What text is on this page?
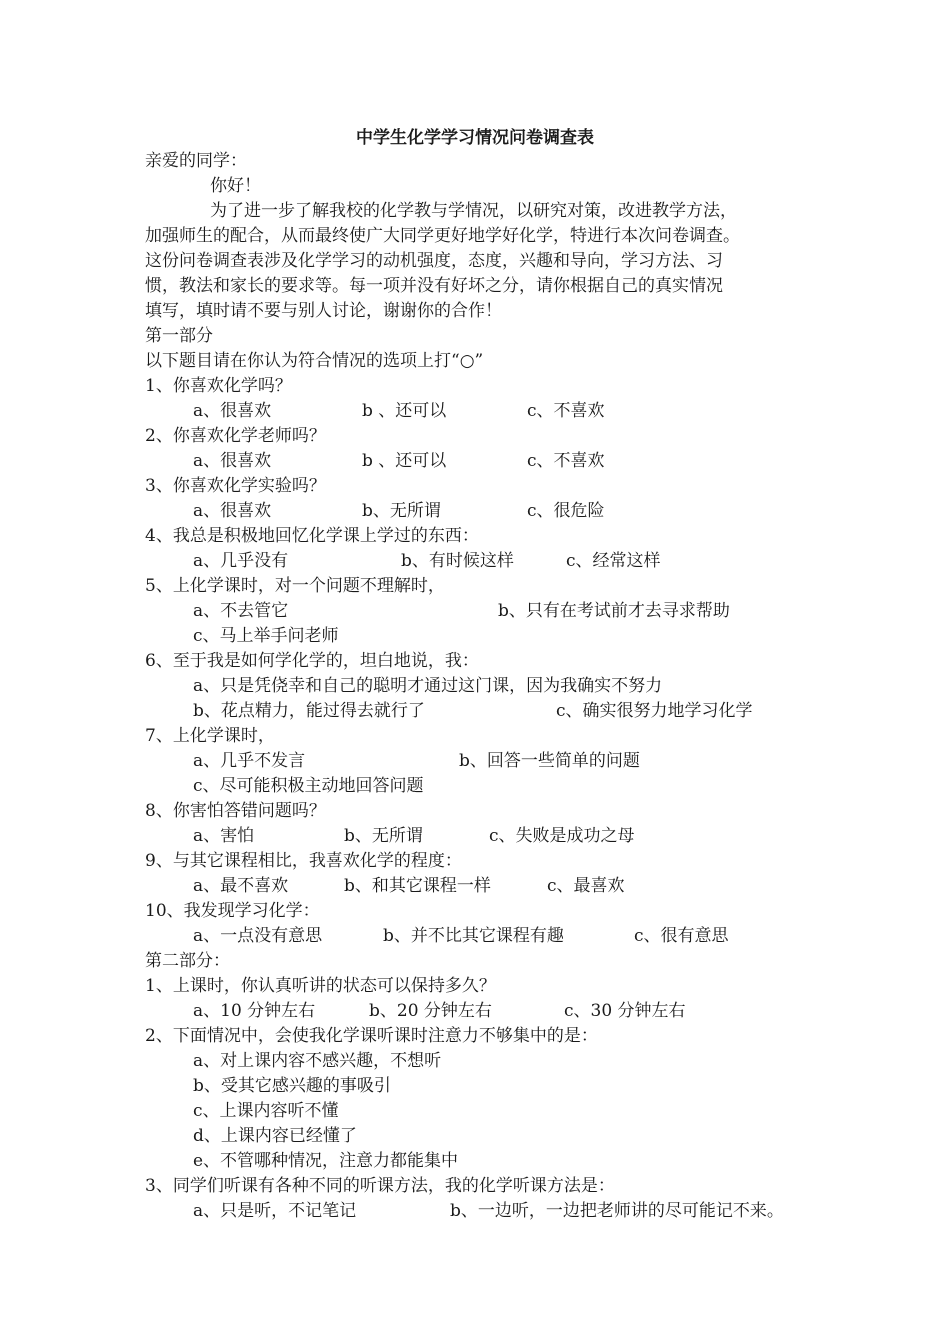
中学生化学学习情况问卷调查表
亲爱的同学：
你好！
为了进一步了解我校的化学教与学情况，以研究对策，改进教学方法，
加强师生的配合，从而最终使广大同学更好地学好化学，特进行本次问卷调查。
这份问卷调查表涉及化学学习的动机强度，态度，兴趣和导向，学习方法、习
惯，教法和家长的要求等。每一项并没有好坏之分，请你根据自己的真实情况
填写，填时请不要与别人讨论，谢谢你的合作！
第一部分
以下题目请在你认为符合情况的选项上打“○”
1、你喜欢化学吗？
a、很喜欢	b 、还可以	c、不喜欢
2、你喜欢化学老师吗？
a、很喜欢	b 、还可以	c、不喜欢
3、你喜欢化学实验吗？
a、很喜欢	b、无所谓	c、很危险
4、我总是积极地回忆化学课上学过的东西：
a、几乎没有	b、有时候这样	c、经常这样
5、上化学课时，对一个问题不理解时，
a、不去管它	b、只有在考试前才去寻求帮助
c、马上举手问老师
6、至于我是如何学化学的，坦白地说，我：
a、只是凭侥幸和自己的聪明才通过这门课，因为我确实不努力
b、花点精力，能过得去就行了	c、确实很努力地学习化学
7、上化学课时，
a、几乎不发言	b、回答一些简单的问题
c、尽可能积极主动地回答问题
8、你害怕答错问题吗？
a、害怕	b、无所谓	c、失败是成功之母
9、与其它课程相比，我喜欢化学的程度：
a、最不喜欢	b、和其它课程一样	c、最喜欢
10、我发现学习化学：
a、一点没有意思	b、并不比其它课程有趣	c、很有意思
第二部分：
1、上课时，你认真听讲的状态可以保持多久？
a、10 分钟左右	b、20 分钟左右	c、30 分钟左右
2、下面情况中，会使我化学课听课时注意力不够集中的是：
a、对上课内容不感兴趣，不想听
b、受其它感兴趣的事吸引
c、上课内容听不懂
d、上课内容已经懂了
e、不管哪种情况，注意力都能集中
3、同学们听课有各种不同的听课方法，我的化学听课方法是：
a、只是听，不记笔记	b、一边听，一边把老师讲的尽可能记不来。
